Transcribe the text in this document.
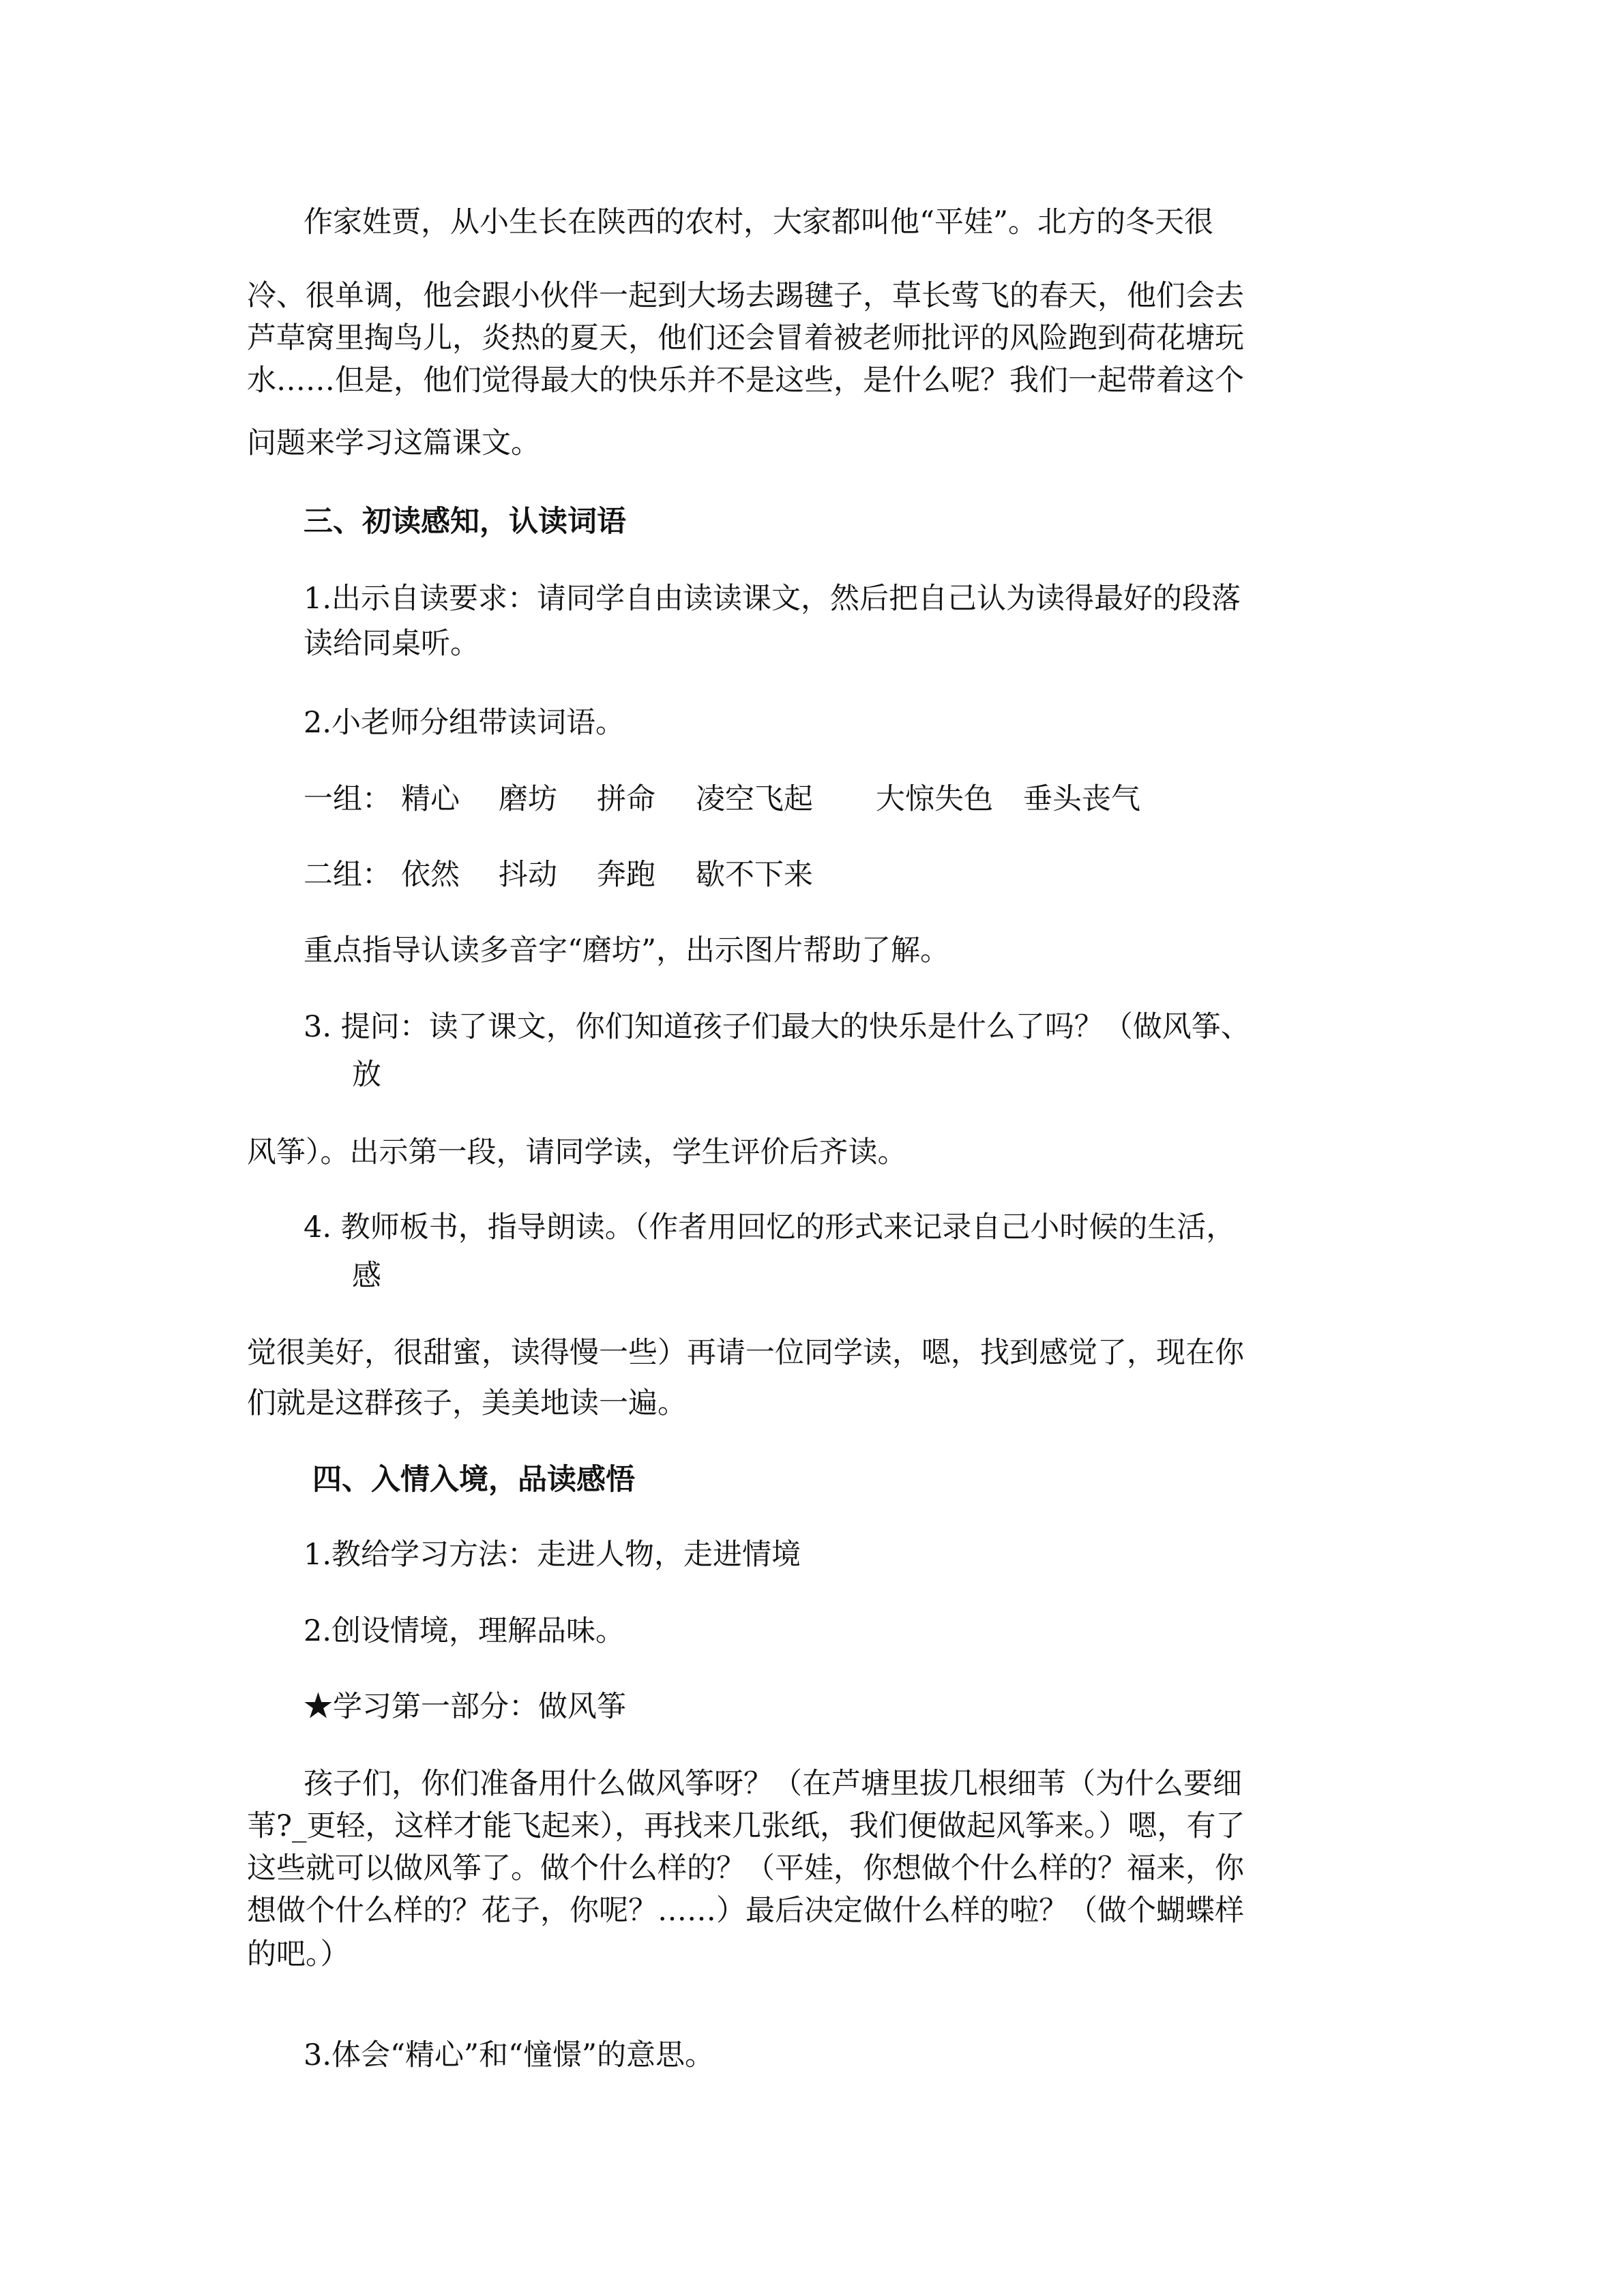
作家姓贾，从小生长在陕西的农村，大家都叫他“平娃”。北方的冬天很
冷、很单调，他会跟小伙伴一起到大场去踢毽子，草长莺飞的春天，他们会去
芦草窝里掏鸟儿，炎热的夏天，他们还会冒着被老师批评的风险跑到荷花塘玩
水……但是，他们觉得最大的快乐并不是这些，是什么呢？我们一起带着这个
问题来学习这篇课文。
三、初读感知，认读词语
1.出示自读要求：请同学自由读读课文，然后把自己认为读得最好的段落
读给同桌听。
2.小老师分组带读词语。
一组： 精心 磨坊 拼命 凌空飞起 大惊失色 垂头丧气
二组： 依然 抖动 奔跑 歇不下来
重点指导认读多音字“磨坊”，出示图片帮助了解。
3. 提问：读了课文，你们知道孩子们最大的快乐是什么了吗？（做风筝、
放
风筝）。出示第一段，请同学读，学生评价后齐读。
4. 教师板书，指导朗读。（作者用回忆的形式来记录自己小时候的生活，
感
觉很美好，很甜蜜，读得慢一些）再请一位同学读，嗯，找到感觉了，现在你
们就是这群孩子，美美地读一遍。
四、入情入境，品读感悟
1.教给学习方法：走进人物，走进情境
2.创设情境，理解品味。
★学习第一部分：做风筝
孩子们，你们准备用什么做风筝呀？（在芦塘里拔几根细苇（为什么要细
苇?_更轻，这样才能飞起来），再找来几张纸，我们便做起风筝来。）嗯，有了
这些就可以做风筝了。做个什么样的？（平娃，你想做个什么样的？福来，你
想做个什么样的？花子，你呢？……）最后决定做什么样的啦？（做个蝴蝶样
的吧。）
3.体会“精心”和“憧憬”的意思。
